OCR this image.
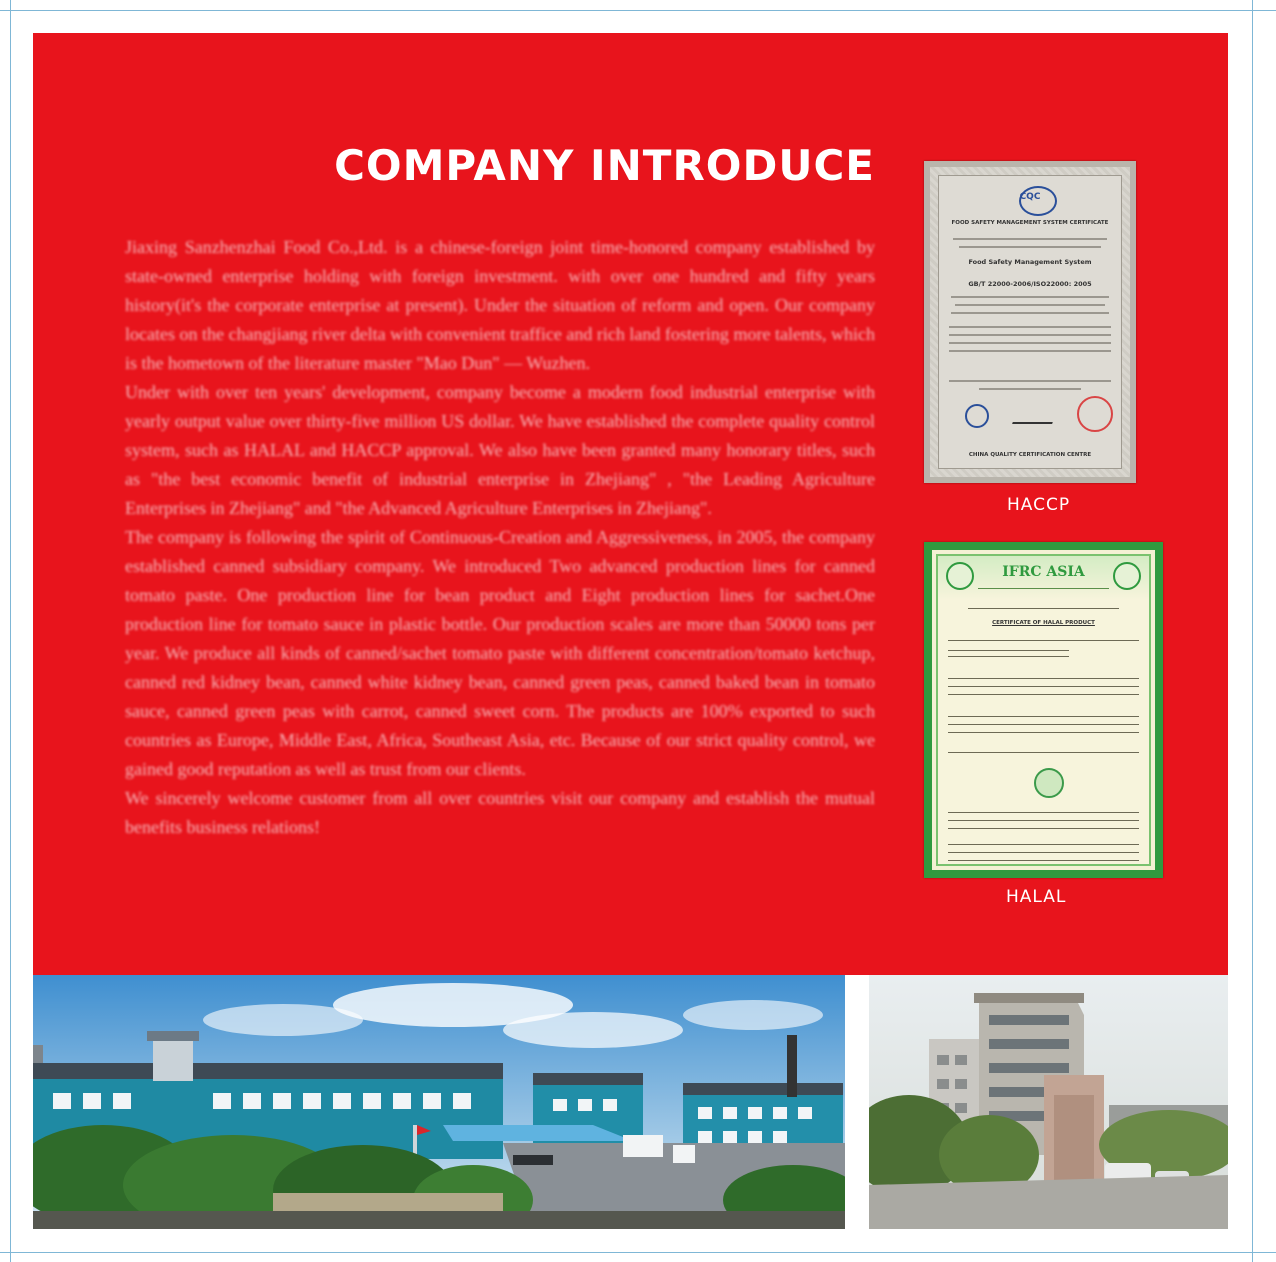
COMPANY INTRODUCE

Jiaxing Sanzhenzhai Food Co.,Ltd. is a chinese-foreign joint time-honored company established by state-owned enterprise holding with foreign investment. with over one hundred and fifty years history(it's the corporate enterprise at present). Under the situation of reform and open. Our company locates on the changjiang river delta with convenient traffice and rich land fostering more talents, which is the hometown of the literature master "Mao Dun" — Wuzhen.

Under with over ten years' development, company become a modern food industrial enterprise with yearly output value over thirty-five million US dollar. We have established the complete quality control system, such as HALAL and HACCP approval. We also have been granted many honorary titles, such as "the best economic benefit of industrial enterprise in Zhejiang" , "the Leading Agriculture Enterprises in Zhejiang" and "the Advanced Agriculture Enterprises in Zhejiang".

The company is following the spirit of Continuous-Creation and Aggressiveness, in 2005, the company established canned subsidiary company. We introduced Two advanced production lines for canned tomato paste. One production line for bean product and Eight production lines for sachet.One production line for tomato sauce in plastic bottle. Our production scales are more than 50000 tons per year. We produce all kinds of canned/sachet tomato paste with different concentration/tomato ketchup, canned red kidney bean, canned white kidney bean, canned green peas, canned baked bean in tomato sauce, canned green peas with carrot, canned sweet corn. The products are 100% exported to such countries as Europe, Middle East, Africa, Southeast Asia, etc. Because of our strict quality control, we gained good reputation as well as trust from our clients.

We sincerely welcome customer from all over countries visit our company and establish the mutual benefits business relations!

CQC
FOOD SAFETY MANAGEMENT SYSTEM CERTIFICATE
Food Safety Management System
GB/T 22000-2006/ISO22000: 2005
CHINA QUALITY CERTIFICATION CENTRE
HACCP
IFRC ASIA
CERTIFICATE OF HALAL PRODUCT
HALAL
